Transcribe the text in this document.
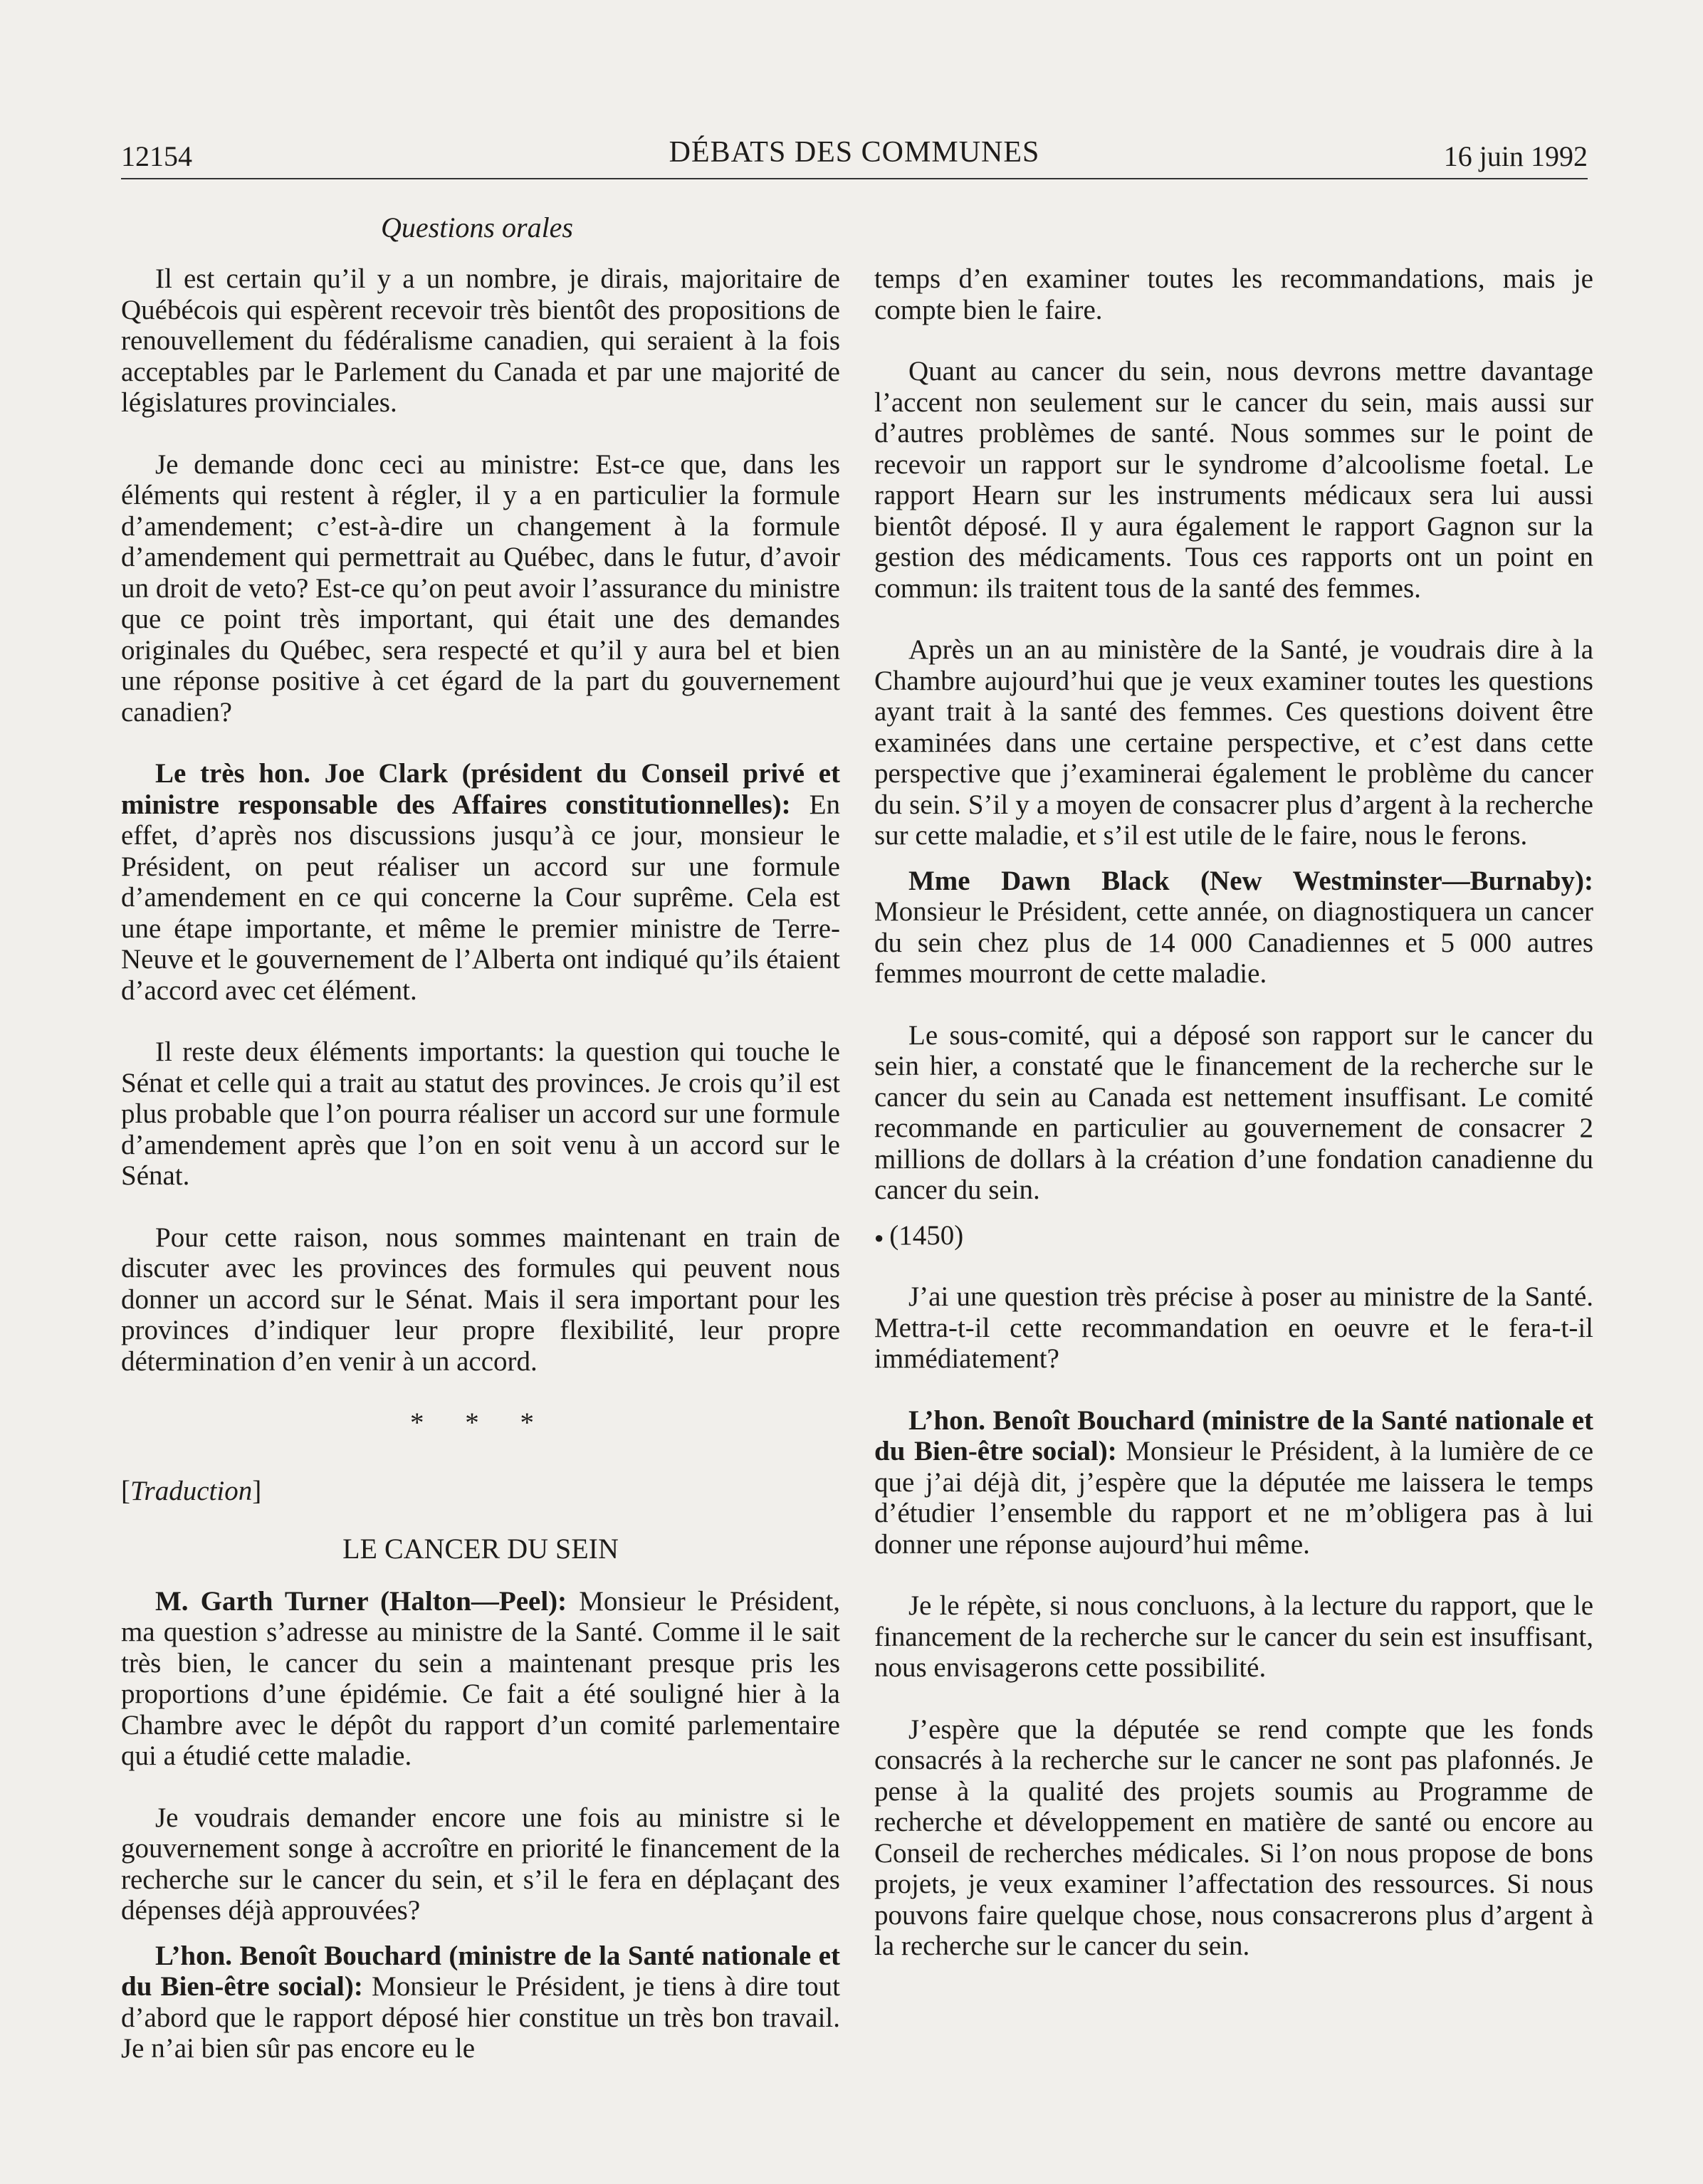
12154	DÉBATS DES COMMUNES	16 juin 1992
Questions orales

Il est certain qu’il y a un nombre, je dirais, majoritaire de Québécois qui espèrent recevoir très bientôt des propositions de renouvellement du fédéralisme canadien, qui seraient à la fois acceptables par le Parlement du Canada et par une majorité de législatures provinciales.

Je demande donc ceci au ministre: Est-ce que, dans les éléments qui restent à régler, il y a en particulier la formule d’amendement; c’est-à-dire un changement à la formule d’amendement qui permettrait au Québec, dans le futur, d’avoir un droit de veto? Est-ce qu’on peut avoir l’assurance du ministre que ce point très important, qui était une des demandes originales du Québec, sera respecté et qu’il y aura bel et bien une réponse positive à cet égard de la part du gouvernement canadien?

Le très hon. Joe Clark (président du Conseil privé et ministre responsable des Affaires constitutionnelles): En effet, d’après nos discussions jusqu’à ce jour, monsieur le Président, on peut réaliser un accord sur une formule d’amendement en ce qui concerne la Cour suprême. Cela est une étape importante, et même le premier ministre de Terre-Neuve et le gouvernement de l’Alberta ont indiqué qu’ils étaient d’accord avec cet élément.

Il reste deux éléments importants: la question qui touche le Sénat et celle qui a trait au statut des provinces. Je crois qu’il est plus probable que l’on pourra réaliser un accord sur une formule d’amendement après que l’on en soit venu à un accord sur le Sénat.

Pour cette raison, nous sommes maintenant en train de discuter avec les provinces des formules qui peuvent nous donner un accord sur le Sénat. Mais il sera important pour les provinces d’indiquer leur propre flexibilité, leur propre détermination d’en venir à un accord.

* * *
[Traduction]
LE CANCER DU SEIN

M. Garth Turner (Halton—Peel): Monsieur le Président, ma question s’adresse au ministre de la Santé. Comme il le sait très bien, le cancer du sein a maintenant presque pris les proportions d’une épidémie. Ce fait a été souligné hier à la Chambre avec le dépôt du rapport d’un comité parlementaire qui a étudié cette maladie.

Je voudrais demander encore une fois au ministre si le gouvernement songe à accroître en priorité le financement de la recherche sur le cancer du sein, et s’il le fera en déplaçant des dépenses déjà approuvées?

L’hon. Benoît Bouchard (ministre de la Santé nationale et du Bien-être social): Monsieur le Président, je tiens à dire tout d’abord que le rapport déposé hier constitue un très bon travail. Je n’ai bien sûr pas encore eu le

temps d’en examiner toutes les recommandations, mais je compte bien le faire.

Quant au cancer du sein, nous devrons mettre davantage l’accent non seulement sur le cancer du sein, mais aussi sur d’autres problèmes de santé. Nous sommes sur le point de recevoir un rapport sur le syndrome d’alcoolisme foetal. Le rapport Hearn sur les instruments médicaux sera lui aussi bientôt déposé. Il y aura également le rapport Gagnon sur la gestion des médicaments. Tous ces rapports ont un point en commun: ils traitent tous de la santé des femmes.

Après un an au ministère de la Santé, je voudrais dire à la Chambre aujourd’hui que je veux examiner toutes les questions ayant trait à la santé des femmes. Ces questions doivent être examinées dans une certaine perspective, et c’est dans cette perspective que j’examinerai également le problème du cancer du sein. S’il y a moyen de consacrer plus d’argent à la recherche sur cette maladie, et s’il est utile de le faire, nous le ferons.

Mme Dawn Black (New Westminster—Burnaby): Monsieur le Président, cette année, on diagnostiquera un cancer du sein chez plus de 14 000 Canadiennes et 5 000 autres femmes mourront de cette maladie.

Le sous-comité, qui a déposé son rapport sur le cancer du sein hier, a constaté que le financement de la recherche sur le cancer du sein au Canada est nettement insuffisant. Le comité recommande en particulier au gouvernement de consacrer 2 millions de dollars à la création d’une fondation canadienne du cancer du sein.

● (1450)

J’ai une question très précise à poser au ministre de la Santé. Mettra-t-il cette recommandation en oeuvre et le fera-t-il immédiatement?

L’hon. Benoît Bouchard (ministre de la Santé nationale et du Bien-être social): Monsieur le Président, à la lumière de ce que j’ai déjà dit, j’espère que la députée me laissera le temps d’étudier l’ensemble du rapport et ne m’obligera pas à lui donner une réponse aujourd’hui même.

Je le répète, si nous concluons, à la lecture du rapport, que le financement de la recherche sur le cancer du sein est insuffisant, nous envisagerons cette possibilité.

J’espère que la députée se rend compte que les fonds consacrés à la recherche sur le cancer ne sont pas plafonnés. Je pense à la qualité des projets soumis au Programme de recherche et développement en matière de santé ou encore au Conseil de recherches médicales. Si l’on nous propose de bons projets, je veux examiner l’affectation des ressources. Si nous pouvons faire quelque chose, nous consacrerons plus d’argent à la recherche sur le cancer du sein.
